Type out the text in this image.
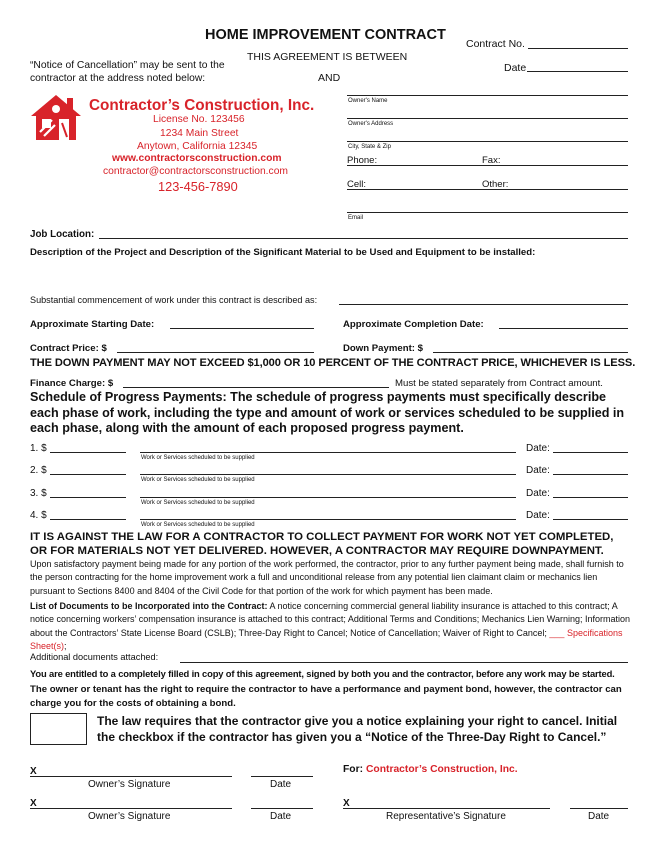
HOME IMPROVEMENT CONTRACT
Contract No.
THIS AGREEMENT IS BETWEEN
Date
AND
“Notice of Cancellation” may be sent to the
contractor at the address noted below:
Contractor’s Construction, Inc.
License No. 123456
1234 Main Street
Anytown, California 12345
www.contractorsconstruction.com
contractor@contractorsconstruction.com
123-456-7890
Owner's Name
Owner's Address
City, State & Zip
Phone:	Fax:
Cell:	Other:
Email
Job Location:
Description of the Project and Description of the Significant Material to be Used and Equipment to be installed:
Substantial commencement of work under this contract is described as:
Approximate Starting Date:	Approximate Completion Date:
Contract Price: $	Down Payment: $
THE DOWN PAYMENT MAY NOT EXCEED $1,000 OR 10 PERCENT OF THE CONTRACT PRICE, WHICHEVER IS LESS.
Finance Charge: $	Must be stated separately from Contract amount.
Schedule of Progress Payments: The schedule of progress payments must specifically describe each phase of work, including the type and amount of work or services scheduled to be supplied in each phase, along with the amount of each proposed progress payment.
1. $
Work or Services scheduled to be supplied
Date:
2. $
Work or Services scheduled to be supplied
Date:
3. $
Work or Services scheduled to be supplied
Date:
4. $
Work or Services scheduled to be supplied
Date:
IT IS AGAINST THE LAW FOR A CONTRACTOR TO COLLECT PAYMENT FOR WORK NOT YET COMPLETED, OR FOR MATERIALS NOT YET DELIVERED. HOWEVER, A CONTRACTOR MAY REQUIRE DOWNPAYMENT.
Upon satisfactory payment being made for any portion of the work performed, the contractor, prior to any further payment being made, shall furnish to the person contracting for the home improvement work a full and unconditional release from any potential lien claimant claim or mechanics lien pursuant to Sections 8400 and 8404 of the Civil Code for that portion of the work for which payment has been made.
List of Documents to be Incorporated into the Contract: A notice concerning commercial general liability insurance is attached to this contract; A notice concerning workers’ compensation insurance is attached to this contract; Additional Terms and Conditions; Mechanics Lien Warning; Information about the Contractors’ State License Board (CSLB); Three-Day Right to Cancel; Notice of Cancellation; Waiver of Right to Cancel; ___ Specifications Sheet(s);
Additional documents attached:
You are entitled to a completely filled in copy of this agreement, signed by both you and the contractor, before any work may be started.
The owner or tenant has the right to require the contractor to have a performance and payment bond, however, the contractor can charge you for the costs of obtaining a bond.
The law requires that the contractor give you a notice explaining your right to cancel. Initial the checkbox if the contractor has given you a “Notice of the Three-Day Right to Cancel.”
X
Owner’s Signature	Date
For: Contractor’s Construction, Inc.
X
Owner’s Signature	Date
X
Representative’s Signature	Date
